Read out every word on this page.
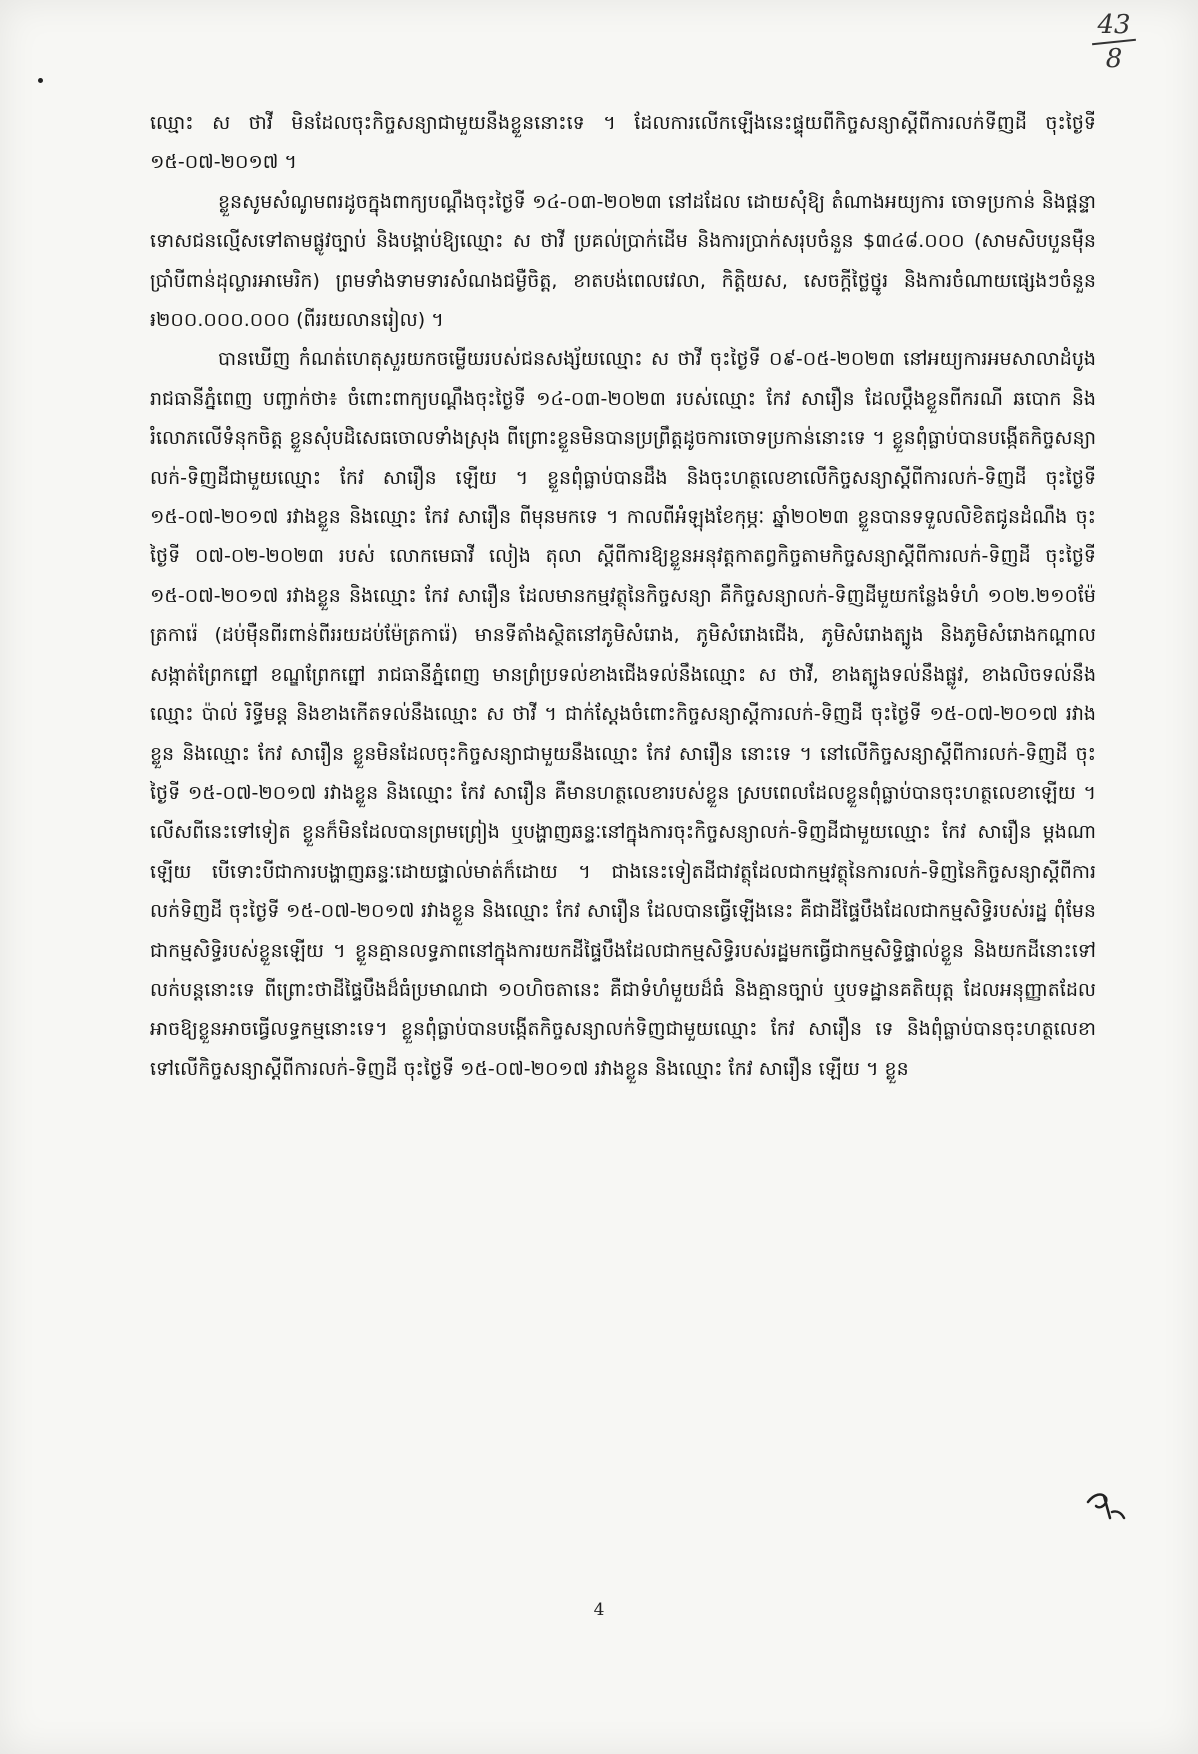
43
8

ឈ្មោះ ស ថាវី មិនដែលចុះកិច្ចសន្យាជាមួយនឹងខ្លួននោះទេ ។ ដែលការលើកឡើងនេះផ្ទុយពីកិច្ចសន្យាស្តីពីការលក់ទីញដី ចុះថ្ងៃទី ១៥-០៧-២០១៧ ។

ខ្លួនសូមសំណូមពរដូចក្នុងពាក្យបណ្តឹងចុះថ្ងៃទី ១៤-០៣-២០២៣ នៅដដែល ដោយសុំឱ្យ តំណាងអយ្យការ ចោទប្រកាន់ និងផ្តន្ទាទោសជនល្មើសទៅតាមផ្លូវច្បាប់ និងបង្គាប់ឱ្យឈ្មោះ ស ថាវី ប្រគល់ប្រាក់ដើម និងការប្រាក់សរុបចំនួន $៣៤៨.០០០ (សាមសិបបួនម៉ឺនប្រាំបីពាន់ដុល្លារអាមេរិក) ព្រមទាំងទាមទារសំណងជម្ងឺចិត្ត, ខាតបង់ពេលវេលា, កិត្តិយស, សេចក្តីថ្លៃថ្នូរ និងការចំណាយផ្សេងៗចំនួន ៛២០០.០០០.០០០ (ពីររយលានរៀល) ។

បានឃើញ កំណត់ហេតុសួរយកចម្លើយរបស់ជនសង្ស័យឈ្មោះ ស ថាវី ចុះថ្ងៃទី ០៩-០៥-២០២៣ នៅអយ្យការអមសាលាដំបូងរាជធានីភ្នំពេញ បញ្ជាក់ថា៖ ចំពោះពាក្យបណ្តឹងចុះថ្ងៃទី ១៤-០៣-២០២៣ របស់ឈ្មោះ កែវ សារឿន ដែលប្តឹងខ្លួនពីករណី ឆបោក និងរំលោភលើទំនុកចិត្ត ខ្លួនសុំបដិសេធចោលទាំងស្រុង ពីព្រោះខ្លួនមិនបានប្រព្រឹត្តដូចការចោទប្រកាន់នោះទេ ។ ខ្លួនពុំធ្លាប់បានបង្កើតកិច្ចសន្យាលក់-ទិញដីជាមួយឈ្មោះ កែវ សារឿន ឡើយ ។ ខ្លួនពុំធ្លាប់បានដឹង និងចុះហត្ថលេខាលើកិច្ចសន្យាស្តីពីការលក់-ទិញដី ចុះថ្ងៃទី ១៥-០៧-២០១៧ រវាងខ្លួន និងឈ្មោះ កែវ សារឿន ពីមុនមកទេ ។ កាលពីអំឡុងខែកុម្ភៈ ឆ្នាំ២០២៣ ខ្លួនបានទទួលលិខិតជូនដំណឹង ចុះថ្ងៃទី ០៧-០២-២០២៣ របស់ លោកមេធាវី លៀង តុលា ស្តីពីការឱ្យខ្លួនអនុវត្តកាតព្វកិច្ចតាមកិច្ចសន្យាស្តីពីការលក់-ទិញដី ចុះថ្ងៃទី ១៥-០៧-២០១៧ រវាងខ្លួន និងឈ្មោះ កែវ សារឿន ដែលមានកម្មវត្ថុនៃកិច្ចសន្យា គឺកិច្ចសន្យាលក់-ទិញដីមួយកន្លែងទំហំ ១០២.២១០ម៉ែត្រការ៉េ (ដប់ម៉ឺនពីរពាន់ពីររយដប់ម៉ែត្រការ៉េ) មានទីតាំងស្ថិតនៅភូមិសំរោង, ភូមិសំរោងជើង, ភូមិសំរោងត្បូង និងភូមិសំរោងកណ្តាល សង្កាត់ព្រែកព្នៅ ខណ្ឌព្រែកព្នៅ រាជធានីភ្នំពេញ មានព្រំប្រទល់ខាងជើងទល់នឹងឈ្មោះ ស ថាវី, ខាងត្បូងទល់នឹងផ្លូវ, ខាងលិចទល់នឹងឈ្មោះ ប៉ាល់ រិទ្ធីមន្ត និងខាងកើតទល់នឹងឈ្មោះ ស ថាវី ។ ជាក់ស្តែងចំពោះកិច្ចសន្យាស្តីការលក់-ទិញដី ចុះថ្ងៃទី ១៥-០៧-២០១៧ រវាងខ្លួន និងឈ្មោះ កែវ សារឿន ខ្លួនមិនដែលចុះកិច្ចសន្យាជាមួយនឹងឈ្មោះ កែវ សារឿន នោះទេ ។ នៅលើកិច្ចសន្យាស្តីពីការលក់-ទិញដី ចុះថ្ងៃទី ១៥-០៧-២០១៧ រវាងខ្លួន និងឈ្មោះ កែវ សារឿន គឺមានហត្ថលេខារបស់ខ្លួន ស្របពេលដែលខ្លួនពុំធ្លាប់បានចុះហត្ថលេខាឡើយ ។ លើសពីនេះទៅទៀត ខ្លួនក៏មិនដែលបានព្រមព្រៀង ឬបង្ហាញឆន្ទៈនៅក្នុងការចុះកិច្ចសន្យាលក់-ទិញដីជាមួយឈ្មោះ កែវ សារឿន ម្តងណាឡើយ បើទោះបីជាការបង្ហាញឆន្ទៈដោយផ្ទាល់មាត់ក៏ដោយ ។ ជាងនេះទៀតដីជាវត្ថុដែលជាកម្មវត្ថុនៃការលក់-ទិញនៃកិច្ចសន្យាស្តីពីការលក់ទិញដី ចុះថ្ងៃទី ១៥-០៧-២០១៧ រវាងខ្លួន និងឈ្មោះ កែវ សារឿន ដែលបានធ្វើឡើងនេះ គឺជាដីផ្ទៃបឹងដែលជាកម្មសិទ្ធិរបស់រដ្ឋ ពុំមែនជាកម្មសិទ្ធិរបស់ខ្លួនឡើយ ។ ខ្លួនគ្មានលទ្ធភាពនៅក្នុងការយកដីផ្ទៃបឹងដែលជាកម្មសិទ្ធិរបស់រដ្ឋមកធ្វើជាកម្មសិទ្ធិផ្ទាល់ខ្លួន និងយកដីនោះទៅលក់បន្តនោះទេ ពីព្រោះថាដីផ្ទៃបឹងដ៏ធំប្រមាណជា ១០ហិចតានេះ គឺជាទំហំមួយដ៏ធំ និងគ្មានច្បាប់ ឬបទដ្ឋានគតិយុត្ត ដែលអនុញ្ញាតដែលអាចឱ្យខ្លួនអាចធ្វើលទ្ធកម្មនោះទេ។ ខ្លួនពុំធ្លាប់បានបង្កើតកិច្ចសន្យាលក់ទិញជាមួយឈ្មោះ កែវ សារឿន ទេ និងពុំធ្លាប់បានចុះហត្ថលេខាទៅលើកិច្ចសន្យាស្តីពីការលក់-ទិញដី ចុះថ្ងៃទី ១៥-០៧-២០១៧ រវាងខ្លួន និងឈ្មោះ កែវ សារឿន ឡើយ ។ ខ្លួន

4
